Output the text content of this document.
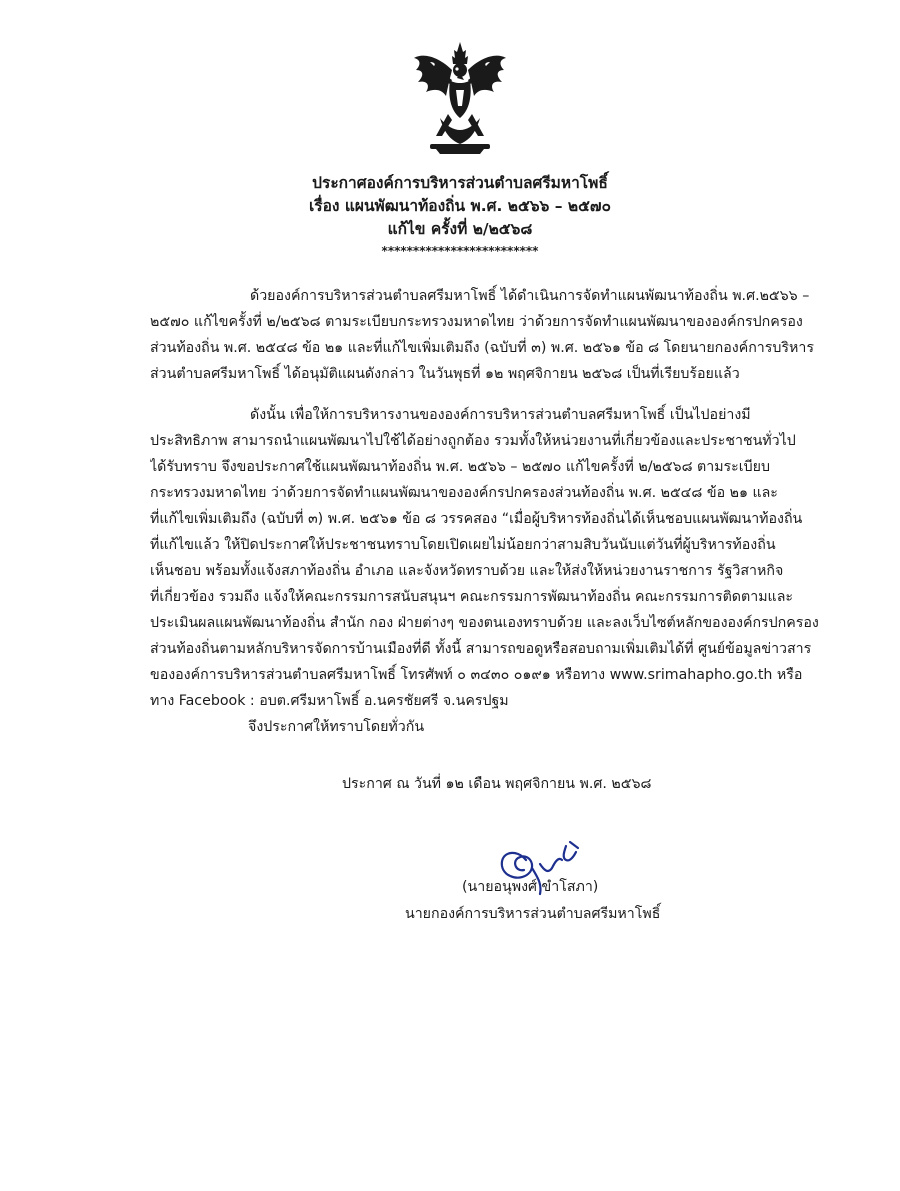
ประกาศองค์การบริหารส่วนตำบลศรีมหาโพธิ์
เรื่อง แผนพัฒนาท้องถิ่น พ.ศ. ๒๕๖๖ – ๒๕๗๐
แก้ไข ครั้งที่ ๒/๒๕๖๘
*************************
ด้วยองค์การบริหารส่วนตำบลศรีมหาโพธิ์ ได้ดำเนินการจัดทำแผนพัฒนาท้องถิ่น พ.ศ.๒๕๖๖ –
๒๕๗๐ แก้ไขครั้งที่ ๒/๒๕๖๘ ตามระเบียบกระทรวงมหาดไทย ว่าด้วยการจัดทำแผนพัฒนาขององค์กรปกครอง
ส่วนท้องถิ่น พ.ศ. ๒๕๔๘ ข้อ ๒๑ และที่แก้ไขเพิ่มเติมถึง (ฉบับที่ ๓) พ.ศ. ๒๕๖๑ ข้อ ๘ โดยนายกองค์การบริหาร
ส่วนตำบลศรีมหาโพธิ์ ได้อนุมัติแผนดังกล่าว ในวันพุธที่ ๑๒ พฤศจิกายน ๒๕๖๘ เป็นที่เรียบร้อยแล้ว
ดังนั้น เพื่อให้การบริหารงานขององค์การบริหารส่วนตำบลศรีมหาโพธิ์ เป็นไปอย่างมี
ประสิทธิภาพ สามารถนำแผนพัฒนาไปใช้ได้อย่างถูกต้อง รวมทั้งให้หน่วยงานที่เกี่ยวข้องและประชาชนทั่วไป
ได้รับทราบ จึงขอประกาศใช้แผนพัฒนาท้องถิ่น พ.ศ. ๒๕๖๖ – ๒๕๗๐ แก้ไขครั้งที่ ๒/๒๕๖๘ ตามระเบียบ
กระทรวงมหาดไทย ว่าด้วยการจัดทำแผนพัฒนาขององค์กรปกครองส่วนท้องถิ่น พ.ศ. ๒๕๔๘ ข้อ ๒๑ และ
ที่แก้ไขเพิ่มเติมถึง (ฉบับที่ ๓) พ.ศ. ๒๕๖๑ ข้อ ๘ วรรคสอง “เมื่อผู้บริหารท้องถิ่นได้เห็นชอบแผนพัฒนาท้องถิ่น
ที่แก้ไขแล้ว ให้ปิดประกาศให้ประชาชนทราบโดยเปิดเผยไม่น้อยกว่าสามสิบวันนับแต่วันที่ผู้บริหารท้องถิ่น
เห็นชอบ พร้อมทั้งแจ้งสภาท้องถิ่น อำเภอ และจังหวัดทราบด้วย และให้ส่งให้หน่วยงานราชการ รัฐวิสาหกิจ
ที่เกี่ยวข้อง รวมถึง แจ้งให้คณะกรรมการสนับสนุนฯ คณะกรรมการพัฒนาท้องถิ่น คณะกรรมการติดตามและ
ประเมินผลแผนพัฒนาท้องถิ่น สำนัก กอง ฝ่ายต่างๆ ของตนเองทราบด้วย และลงเว็บไซต์หลักขององค์กรปกครอง
ส่วนท้องถิ่นตามหลักบริหารจัดการบ้านเมืองที่ดี ทั้งนี้ สามารถขอดูหรือสอบถามเพิ่มเติมได้ที่ ศูนย์ข้อมูลข่าวสาร
ขององค์การบริหารส่วนตำบลศรีมหาโพธิ์ โทรศัพท์ ๐ ๓๔๓๐ ๐๑๙๑ หรือทาง www.srimahapho.go.th หรือ
ทาง Facebook : อบต.ศรีมหาโพธิ์ อ.นครชัยศรี จ.นครปฐม
จึงประกาศให้ทราบโดยทั่วกัน
ประกาศ ณ วันที่ ๑๒ เดือน พฤศจิกายน พ.ศ. ๒๕๖๘
(นายอนุพงศ์ ขำโสภา)
นายกองค์การบริหารส่วนตำบลศรีมหาโพธิ์
